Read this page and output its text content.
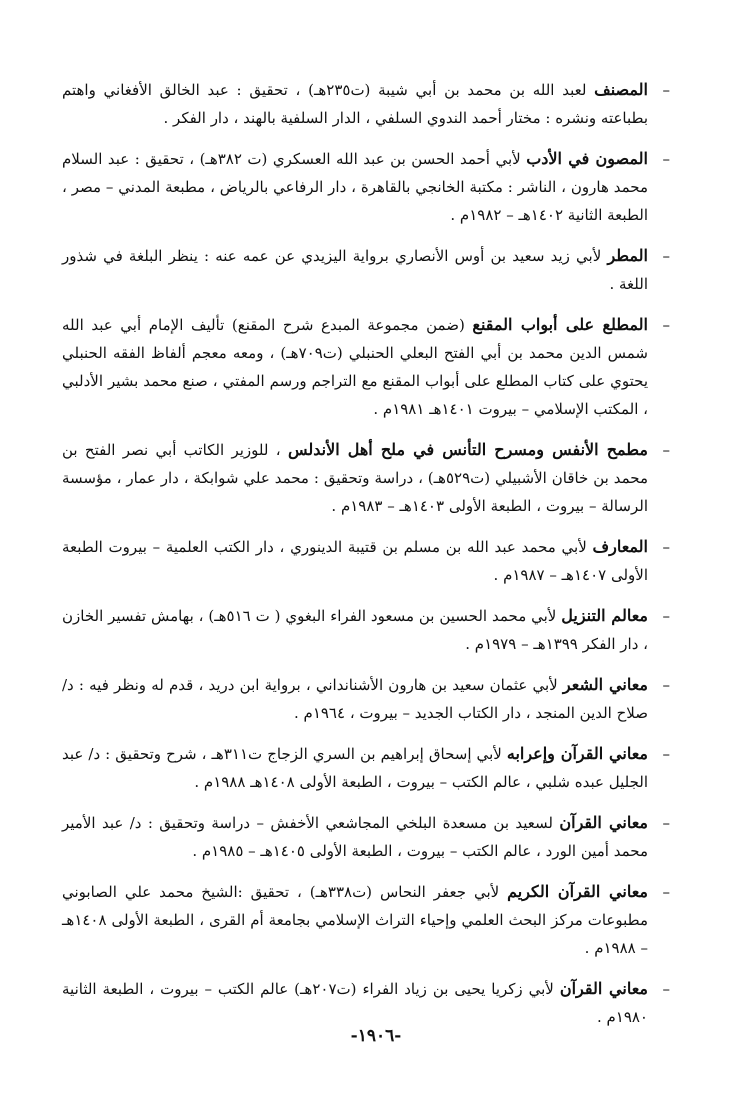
–المصنف لعبد الله بن محمد بن أبي شيبة (ت٢٣٥هـ) ، تحقيق : عبد الخالق الأفغاني واهتم بطباعته ونشره : مختار أحمد الندوي السلفي ، الدار السلفية بالهند ، دار الفكر .

–المصون في الأدب لأبي أحمد الحسن بن عبد الله العسكري (ت ٣٨٢هـ) ، تحقيق : عبد السلام محمد هارون ، الناشر : مكتبة الخانجي بالقاهرة ، دار الرفاعي بالرياض ، مطبعة المدني – مصر ، الطبعة الثانية ١٤٠٢هـ – ١٩٨٢م .

–المطر لأبي زيد سعيد بن أوس الأنصاري برواية اليزيدي عن عمه عنه : ينظر البلغة في شذور اللغة .

–المطلع على أبواب المقنع (ضمن مجموعة المبدع شرح المقنع) تأليف الإمام أبي عبد الله شمس الدين محمد بن أبي الفتح البعلي الحنبلي (ت٧٠٩هـ) ، ومعه معجم ألفاظ الفقه الحنبلي يحتوي على كتاب المطلع على أبواب المقنع مع التراجم ورسم المفتي ، صنع محمد بشير الأدلبي ، المكتب الإسلامي – بيروت ١٤٠١هـ ١٩٨١م .

–مطمح الأنفس ومسرح التأنس في ملح أهل الأندلس ، للوزير الكاتب أبي نصر الفتح بن محمد بن خاقان الأشبيلي (ت٥٢٩هـ) ، دراسة وتحقيق : محمد علي شوابكة ، دار عمار ، مؤسسة الرسالة – بيروت ، الطبعة الأولى ١٤٠٣هـ – ١٩٨٣م .

–المعارف لأبي محمد عبد الله بن مسلم بن قتيبة الدينوري ، دار الكتب العلمية – بيروت الطبعة الأولى ١٤٠٧هـ – ١٩٨٧م .

–معالم التنزيل لأبي محمد الحسين بن مسعود الفراء البغوي ( ت ٥١٦هـ) ، بهامش تفسير الخازن ، دار الفكر ١٣٩٩هـ – ١٩٧٩م .

–معاني الشعر لأبي عثمان سعيد بن هارون الأشنانداني ، برواية ابن دريد ، قدم له ونظر فيه : د/ صلاح الدين المنجد ، دار الكتاب الجديد – بيروت ، ١٩٦٤م .

–معاني القرآن وإعرابه لأبي إسحاق إبراهيم بن السري الزجاج ت٣١١هـ ، شرح وتحقيق : د/ عبد الجليل عبده شلبي ، عالم الكتب – بيروت ، الطبعة الأولى ١٤٠٨هـ ١٩٨٨م .

–معاني القرآن لسعيد بن مسعدة البلخي المجاشعي الأخفش – دراسة وتحقيق : د/ عبد الأمير محمد أمين الورد ، عالم الكتب – بيروت ، الطبعة الأولى ١٤٠٥هـ – ١٩٨٥م .

–معاني القرآن الكريم لأبي جعفر النحاس (ت٣٣٨هـ) ، تحقيق :الشيخ محمد علي الصابوني مطبوعات مركز البحث العلمي وإحياء التراث الإسلامي بجامعة أم القرى ، الطبعة الأولى ١٤٠٨هـ – ١٩٨٨م .

–معاني القرآن لأبي زكريا يحيى بن زياد الفراء (ت٢٠٧هـ) عالم الكتب – بيروت ، الطبعة الثانية ١٩٨٠م .

-١٩٠٦-
